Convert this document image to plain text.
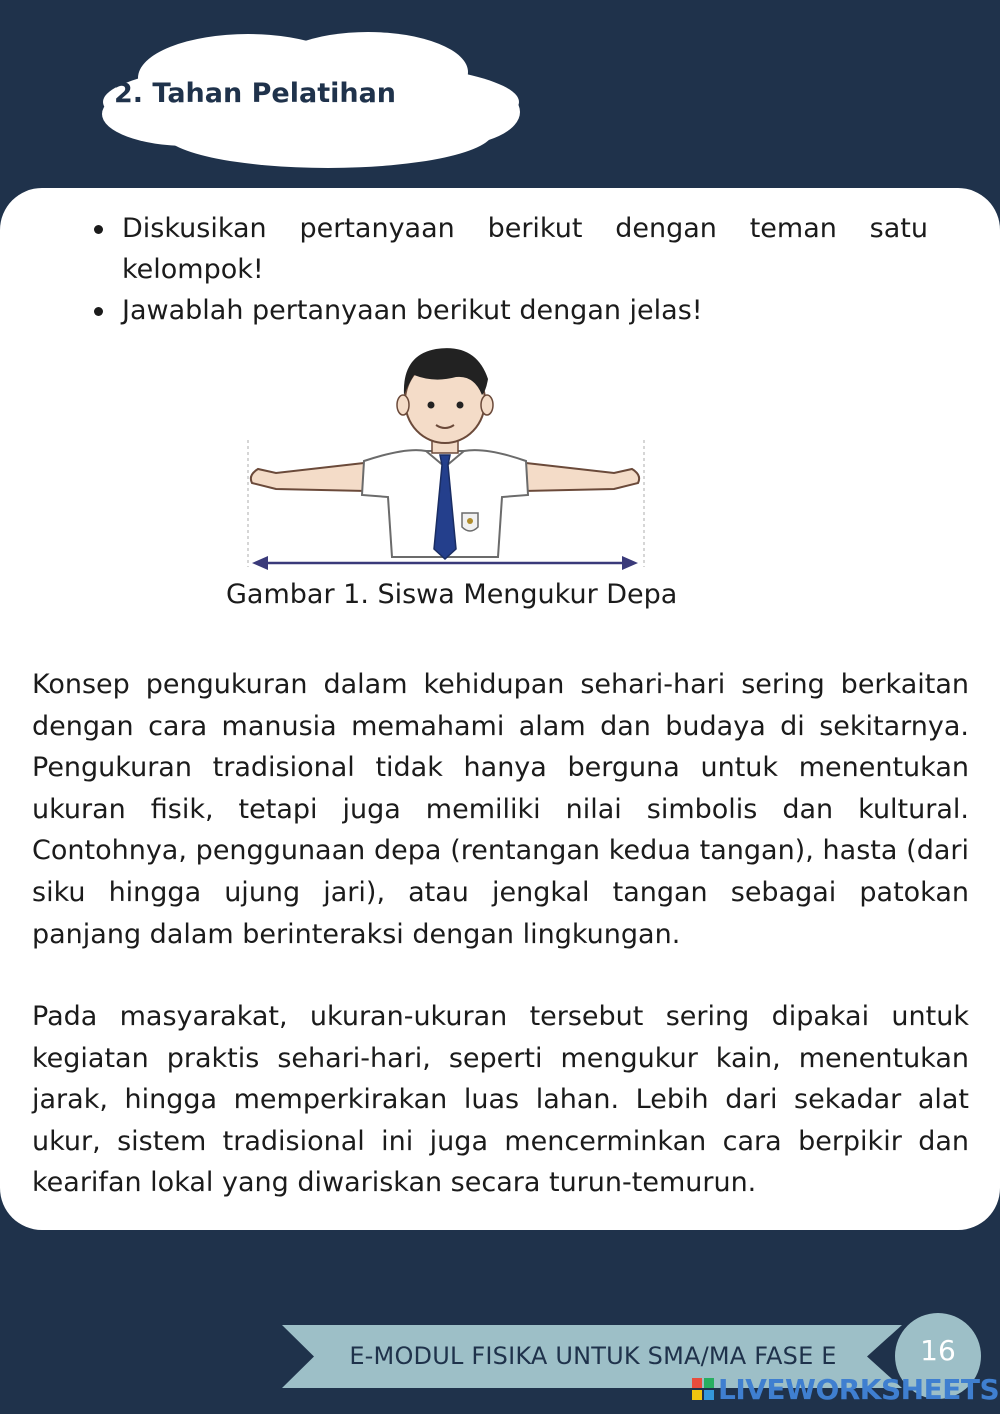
2. Tahan Pelatihan
Diskusikan pertanyaan berikut dengan teman satu kelompok!
Jawablah pertanyaan berikut dengan jelas!
Gambar 1. Siswa Mengukur Depa

Konsep pengukuran dalam kehidupan sehari-hari sering berkaitan dengan cara manusia memahami alam dan budaya di sekitarnya. Pengukuran tradisional tidak hanya berguna untuk menentukan ukuran fisik, tetapi juga memiliki nilai simbolis dan kultural. Contohnya, penggunaan depa (rentangan kedua tangan), hasta (dari siku hingga ujung jari), atau jengkal tangan sebagai patokan panjang dalam berinteraksi dengan lingkungan.

Pada masyarakat, ukuran-ukuran tersebut sering dipakai untuk kegiatan praktis sehari-hari, seperti mengukur kain, menentukan jarak, hingga memperkirakan luas lahan. Lebih dari sekadar alat ukur, sistem tradisional ini juga mencerminkan cara berpikir dan kearifan lokal yang diwariskan secara turun-temurun.

E-MODUL FISIKA UNTUK SMA/MA FASE E	16
LIVEWORKSHEETS
